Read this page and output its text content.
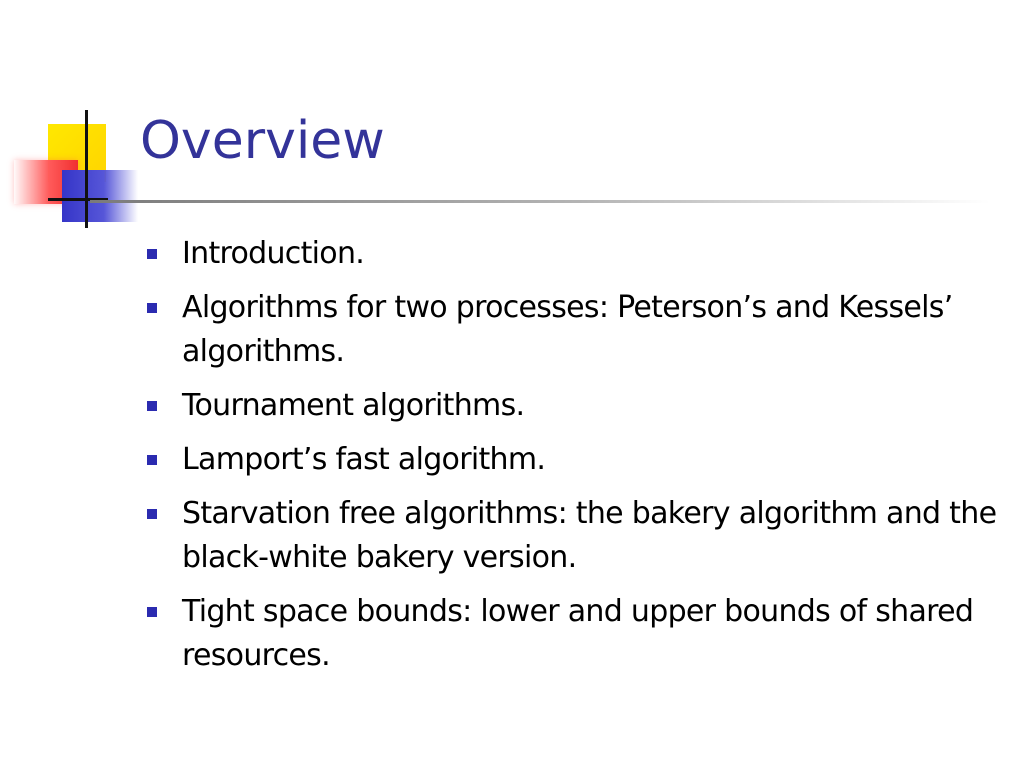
Overview
Introduction.
Algorithms for two processes: Peterson’s and Kessels’ algorithms.
Tournament algorithms.
Lamport’s fast algorithm.
Starvation free algorithms: the bakery algorithm and the black-white bakery version.
Tight space bounds: lower and upper bounds of shared resources.
